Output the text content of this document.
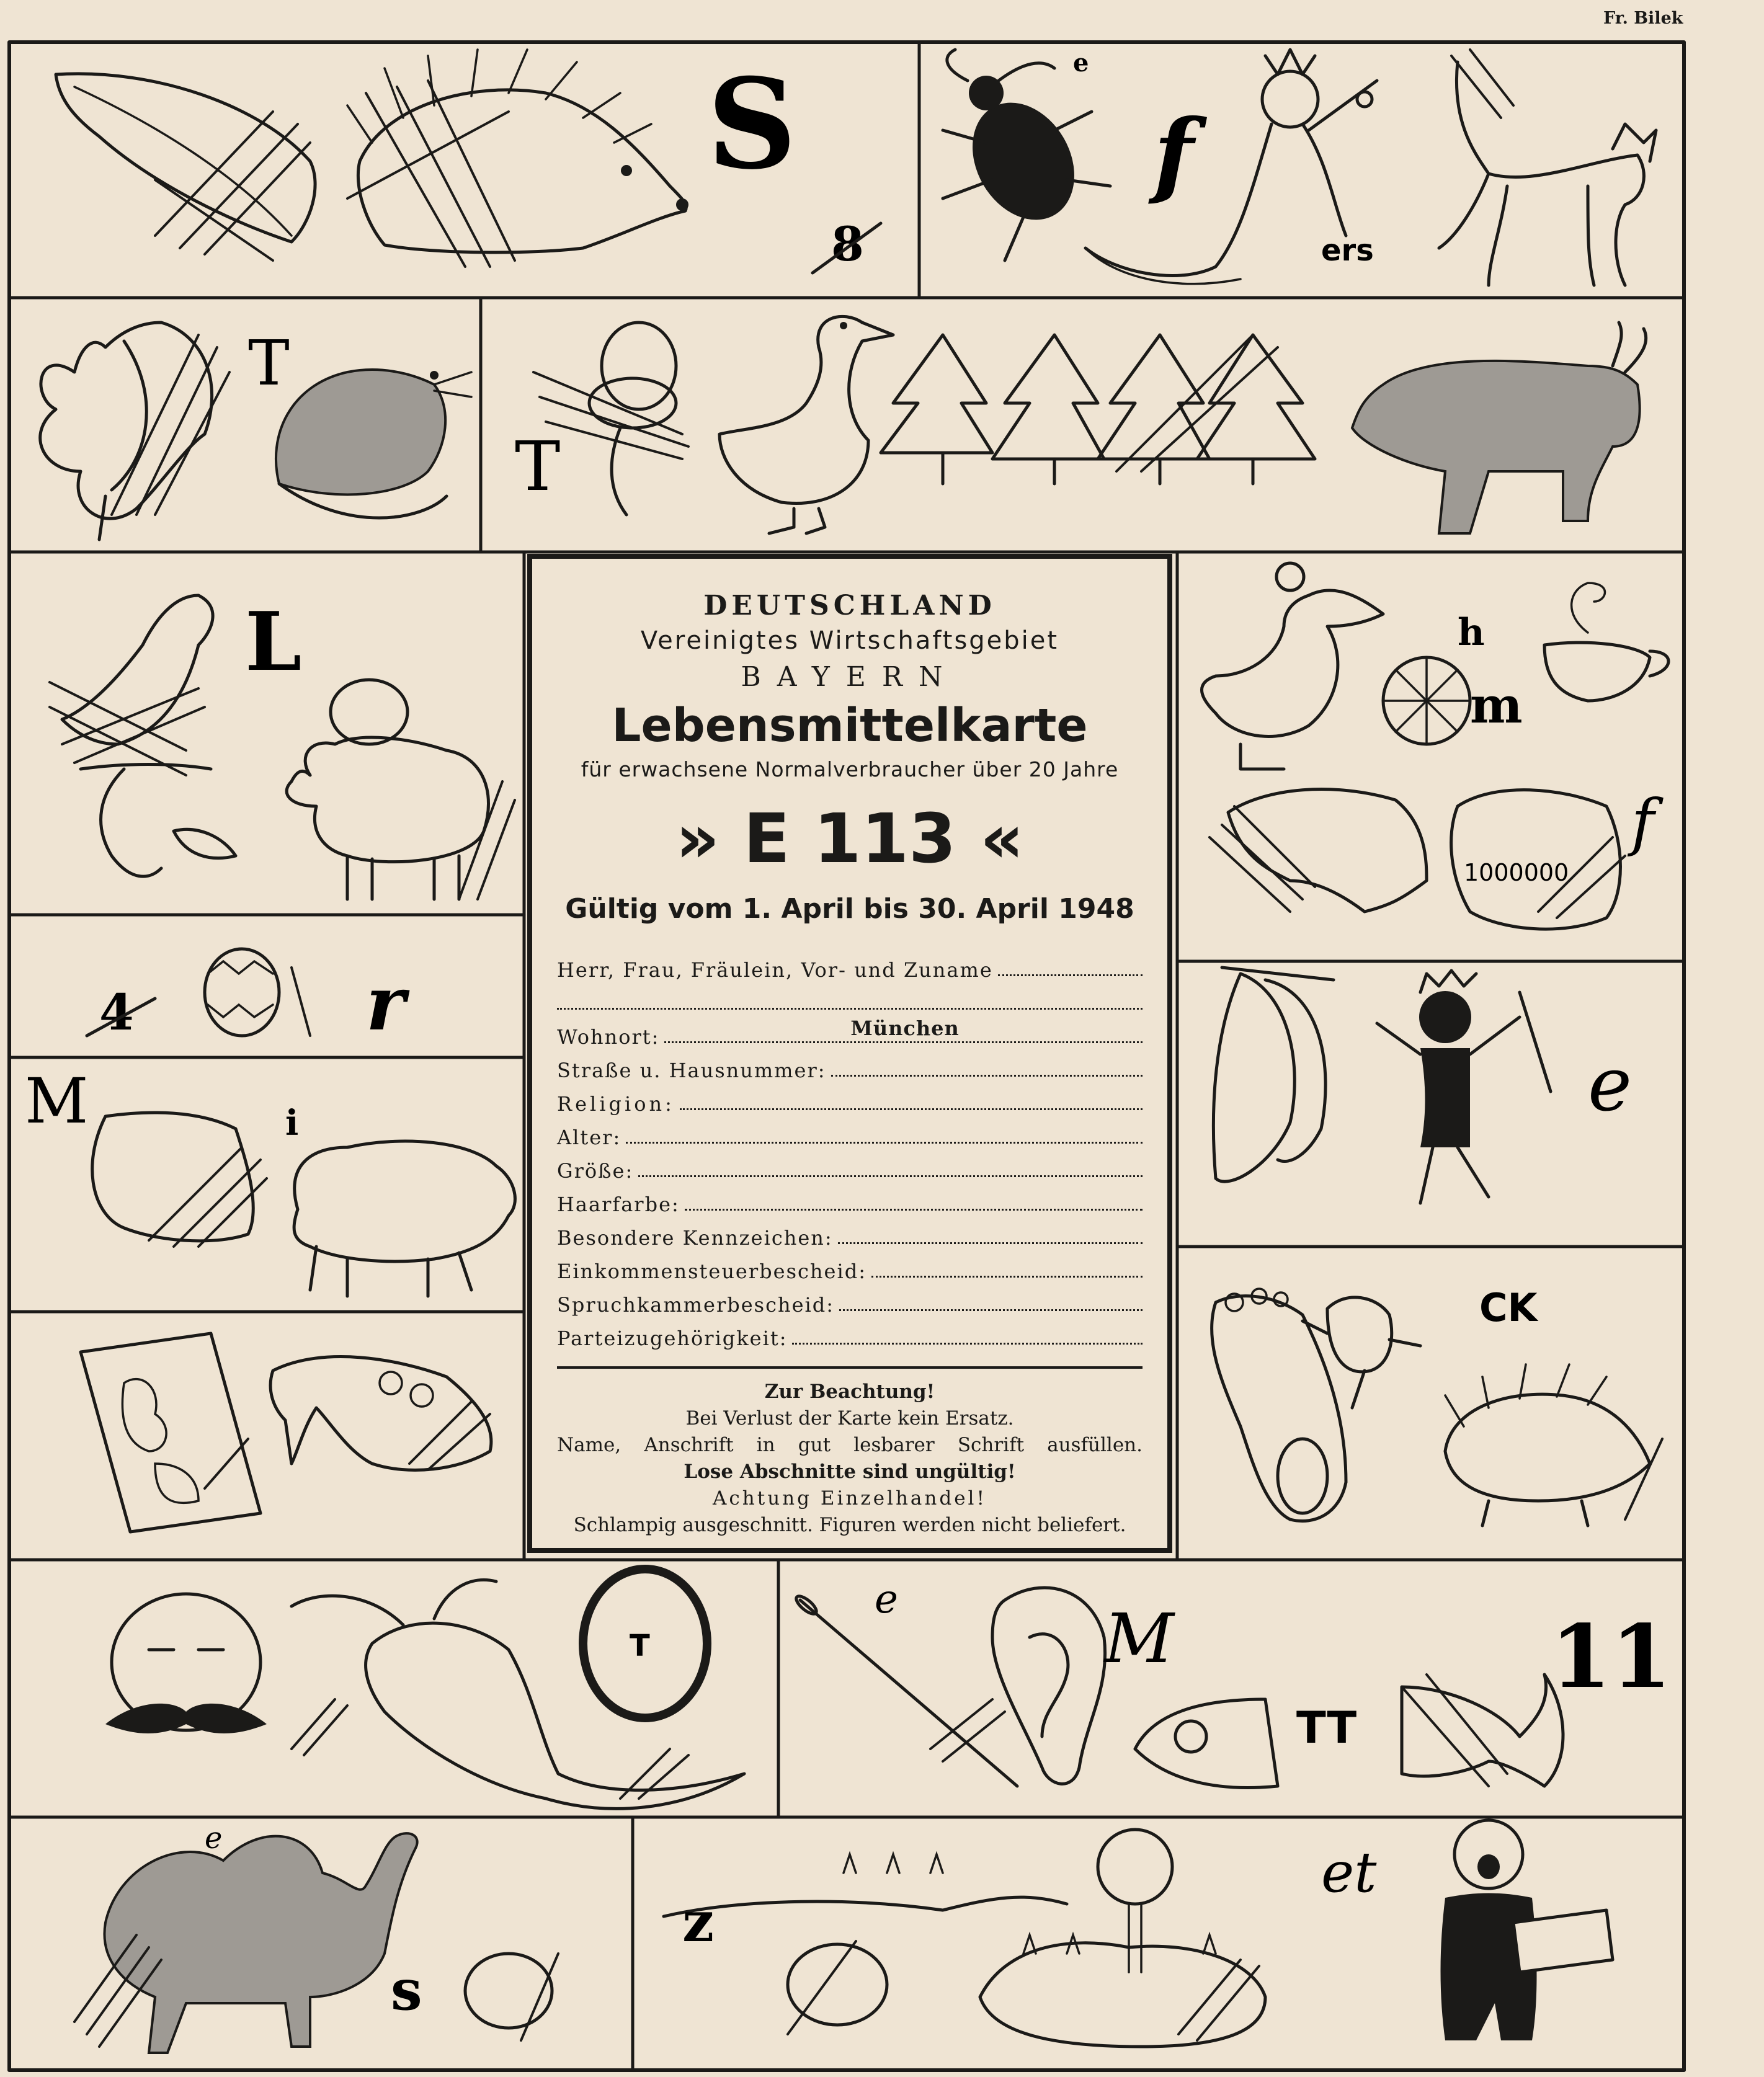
Fr. Bilek
S
8
e
f
ers
T
T
L
4	r
M	i
h
m
1000000
f
e
CK
T
e	M
TT
11
e
s
z
et
DEUTSCHLAND
Vereinigtes Wirtschaftsgebiet
BAYERN
Lebensmittelkarte
für erwachsene Normalverbraucher über 20 Jahre
» E 113 «
Gültig vom 1. April bis 30. April 1948
Herr, Frau, Fräulein, Vor- und Zuname
Wohnort:	München
Straße u. Hausnummer:
Religion:
Alter:
Größe:
Haarfarbe:
Besondere Kennzeichen:
Einkommensteuerbescheid:
Spruchkammerbescheid:
Parteizugehörigkeit:
Zur Beachtung!
Bei Verlust der Karte kein Ersatz.
Name, Anschrift in gut lesbarer Schrift ausfüllen.
Lose Abschnitte sind ungültig!
Achtung Einzelhandel!
Schlampig ausgeschnitt. Figuren werden nicht beliefert.
